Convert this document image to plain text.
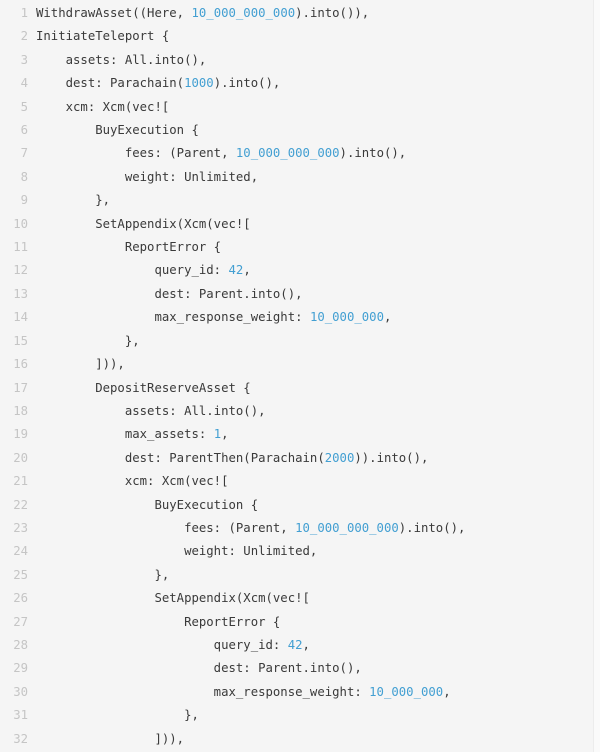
1 WithdrawAsset((Here, 10_000_000_000).into()),
2 InitiateTeleport {
3 assets: All.into(),
4 dest: Parachain(1000).into(),
5 xcm: Xcm(vec![
6 BuyExecution {
7 fees: (Parent, 10_000_000_000).into(),
8 weight: Unlimited,
9 },
10 SetAppendix(Xcm(vec![
11 ReportError {
12 query_id: 42,
13 dest: Parent.into(),
14 max_response_weight: 10_000_000,
15 },
16 ])),
17 DepositReserveAsset {
18 assets: All.into(),
19 max_assets: 1,
20 dest: ParentThen(Parachain(2000)).into(),
21 xcm: Xcm(vec![
22 BuyExecution {
23 fees: (Parent, 10_000_000_000).into(),
24 weight: Unlimited,
25 },
26 SetAppendix(Xcm(vec![
27 ReportError {
28 query_id: 42,
29 dest: Parent.into(),
30 max_response_weight: 10_000_000,
31 },
32 ])),
